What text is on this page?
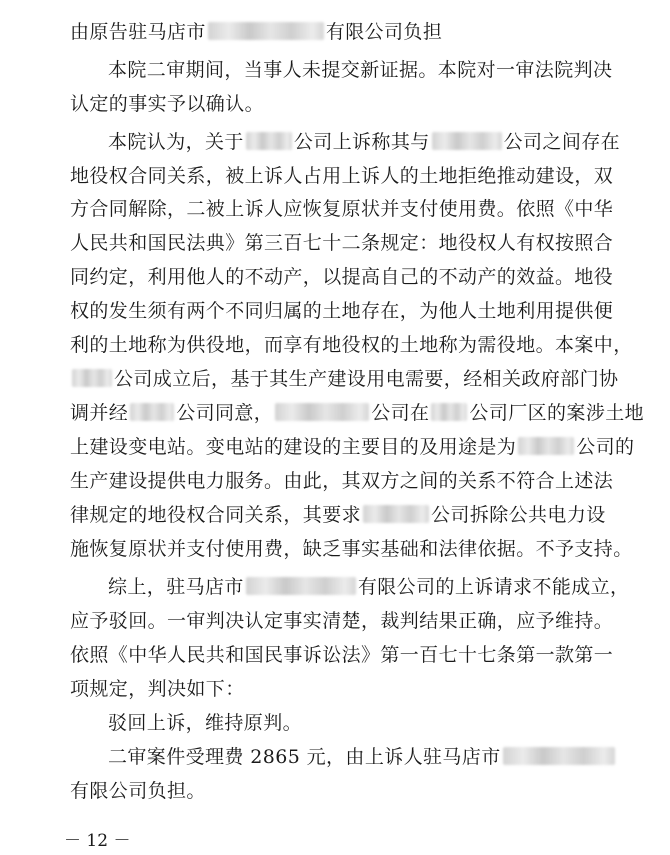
由原告驻马店市	有限公司负担
本院二审期间，当事人未提交新证据。本院对一审法院判决
认定的事实予以确认。
本院认为，关于	公司上诉称其与	公司之间存在
地役权合同关系，被上诉人占用上诉人的土地拒绝推动建设，双
方合同解除，二被上诉人应恢复原状并支付使用费。依照《中华
人民共和国民法典》第三百七十二条规定：地役权人有权按照合
同约定，利用他人的不动产，以提高自己的不动产的效益。地役
权的发生须有两个不同归属的土地存在，为他人土地利用提供便
利的土地称为供役地，而享有地役权的土地称为需役地。本案中，
公司成立后，基于其生产建设用电需要，经相关政府部门协
调并经	公司同意，	公司在 公司厂区的案涉土地
上建设变电站。变电站的建设的主要目的及用途是为	公司的
生产建设提供电力服务。由此，其双方之间的关系不符合上述法
律规定的地役权合同关系，其要求	公司拆除公共电力设
施恢复原状并支付使用费，缺乏事实基础和法律依据。不予支持。
综上，驻马店市	有限公司的上诉请求不能成立，
应予驳回。一审判决认定事实清楚，裁判结果正确，应予维持。
依照《中华人民共和国民事诉讼法》第一百七十七条第一款第一
项规定，判决如下：
驳回上诉，维持原判。
二审案件受理费 2865 元，由上诉人驻马店市
有限公司负担。
－ 12 －
